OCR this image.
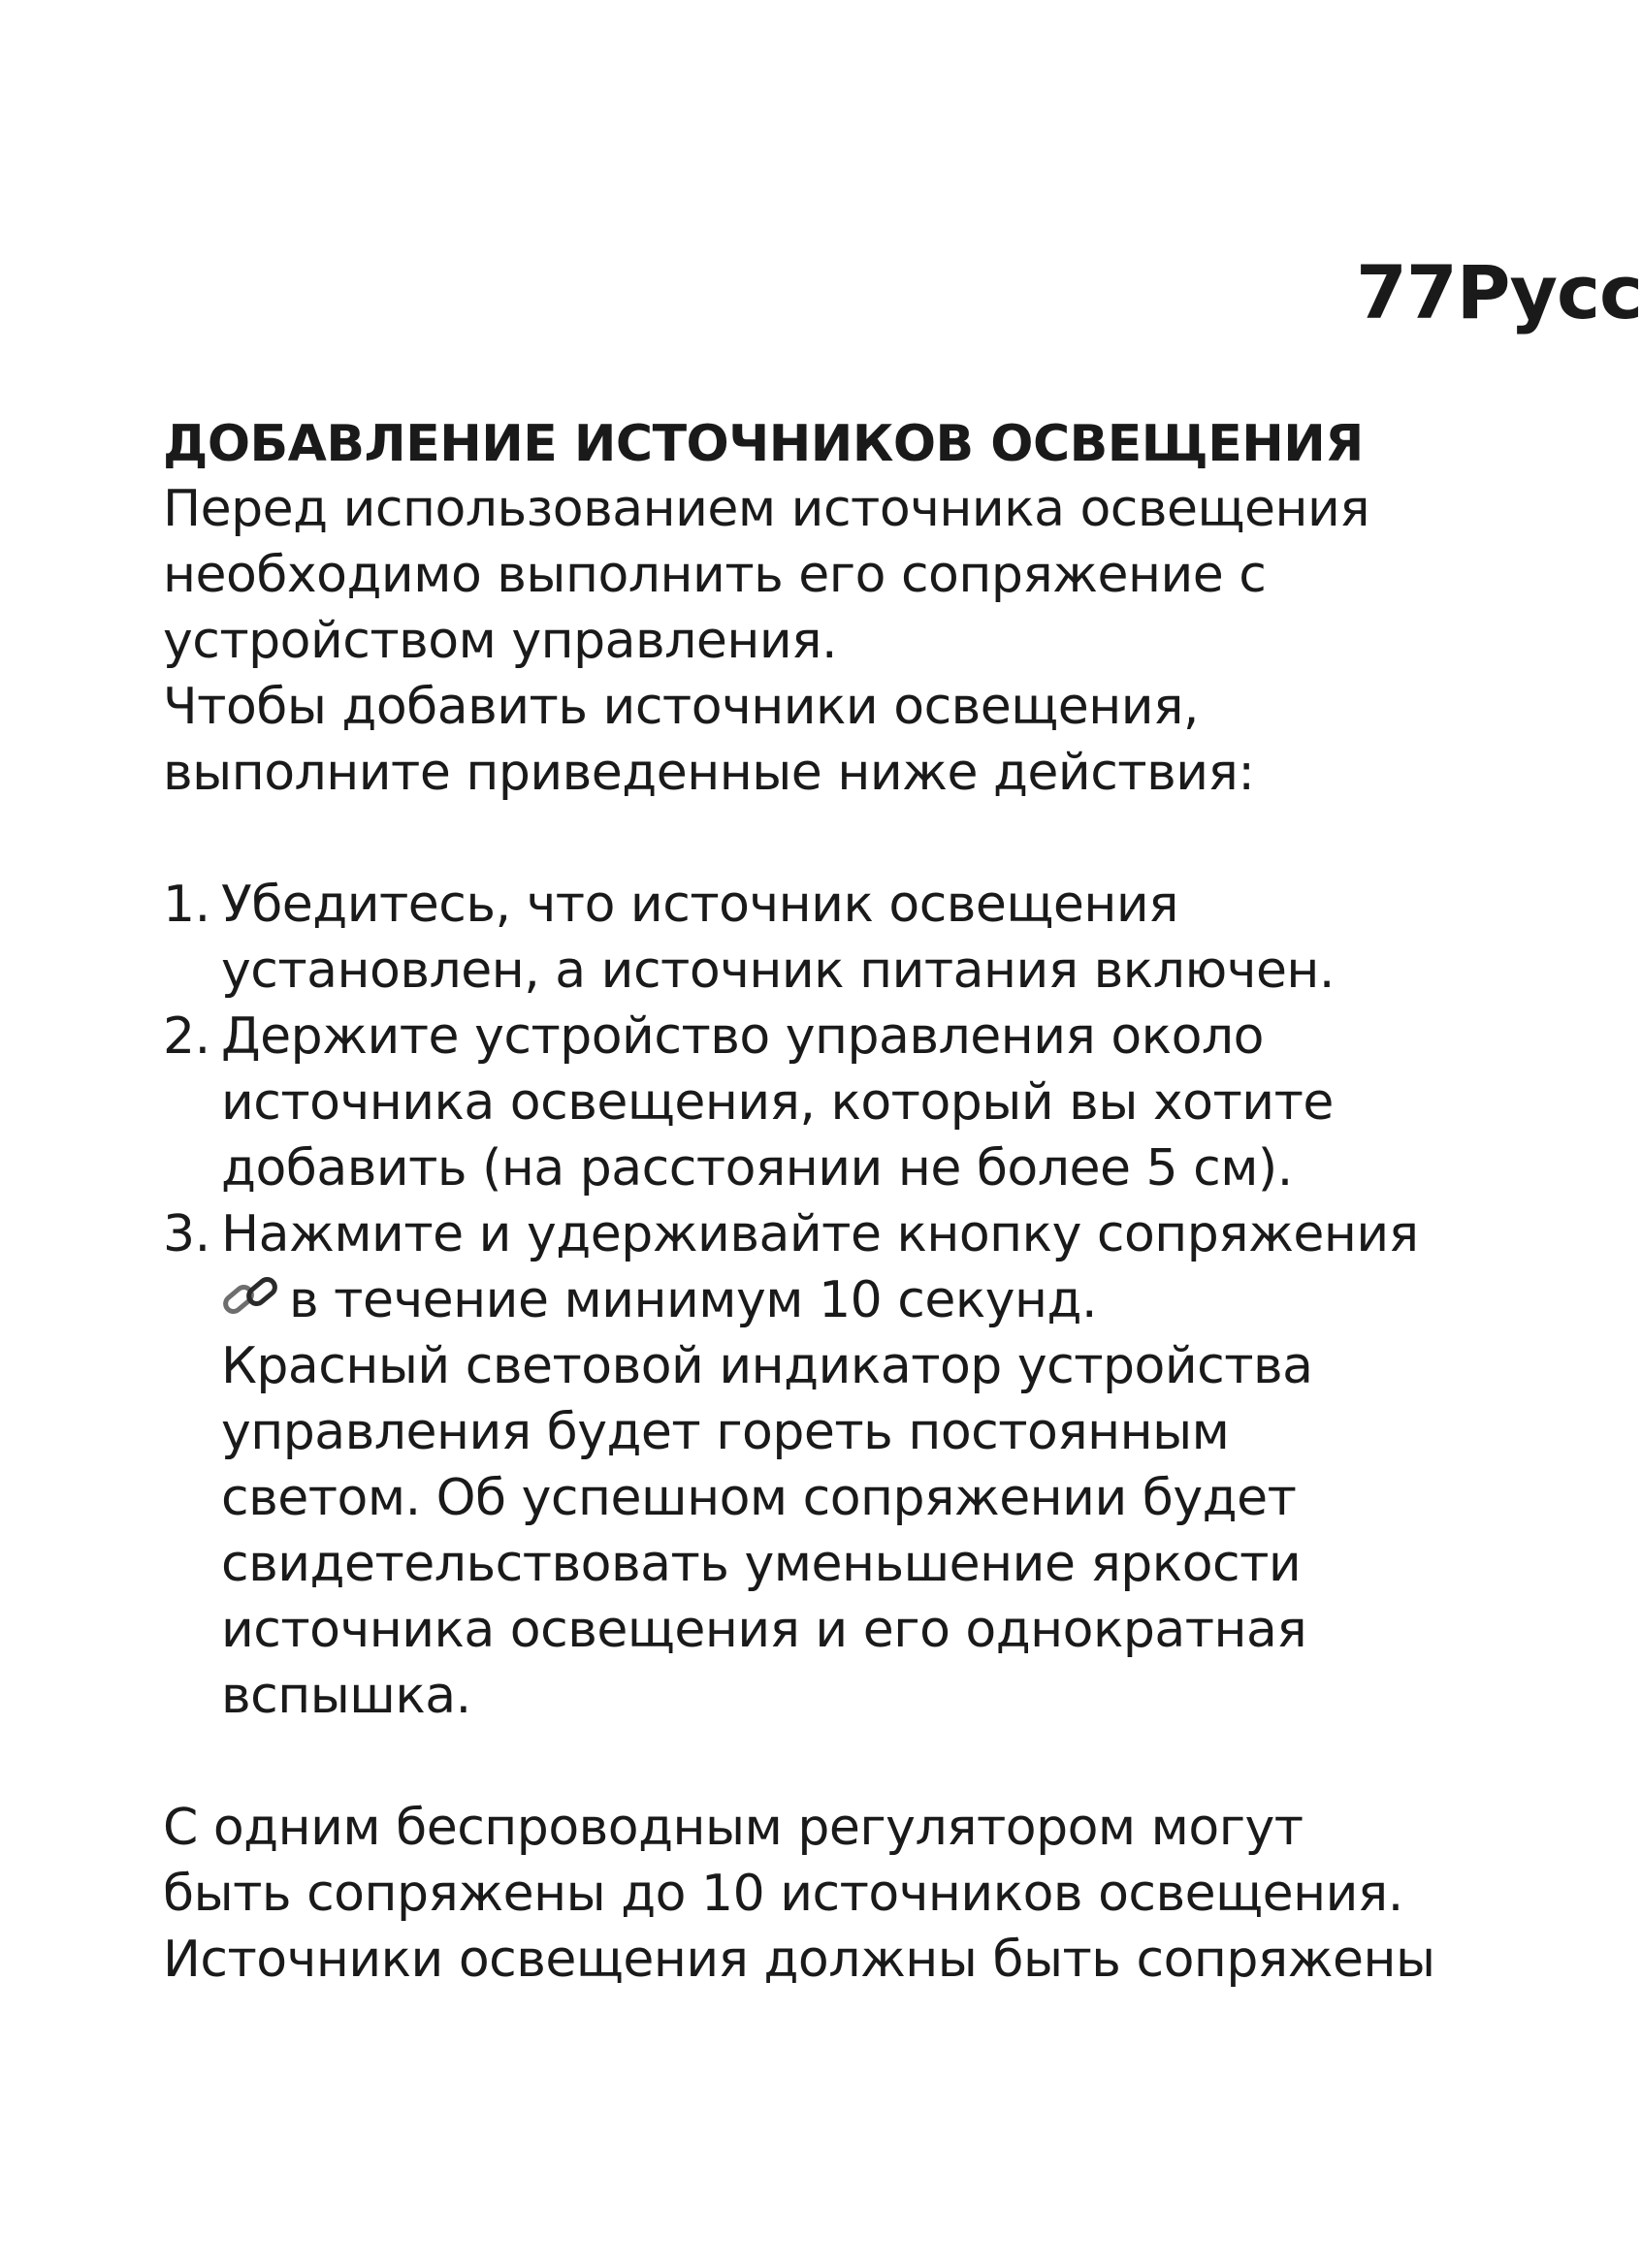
77Русс
ДОБАВЛЕНИЕ ИСТОЧНИКОВ ОСВЕЩЕНИЯ
Перед использованием источника освещения
необходимо выполнить его сопряжение с
устройством управления.
Чтобы добавить источники освещения,
выполните приведенные ниже действия:
1. Убедитесь, что источник освещения
установлен, а источник питания включен.
2. Держите устройство управления около
источника освещения, который вы хотите
добавить (на расстоянии не более 5 см).
3. Нажмите и удерживайте кнопку сопряжения
в течение минимум 10 секунд.
Красный световой индикатор устройства
управления будет гореть постоянным
светом. Об успешном сопряжении будет
свидетельствовать уменьшение яркости
источника освещения и его однократная
вспышка.
С одним беспроводным регулятором могут
быть сопряжены до 10 источников освещения.
Источники освещения должны быть сопряжены
